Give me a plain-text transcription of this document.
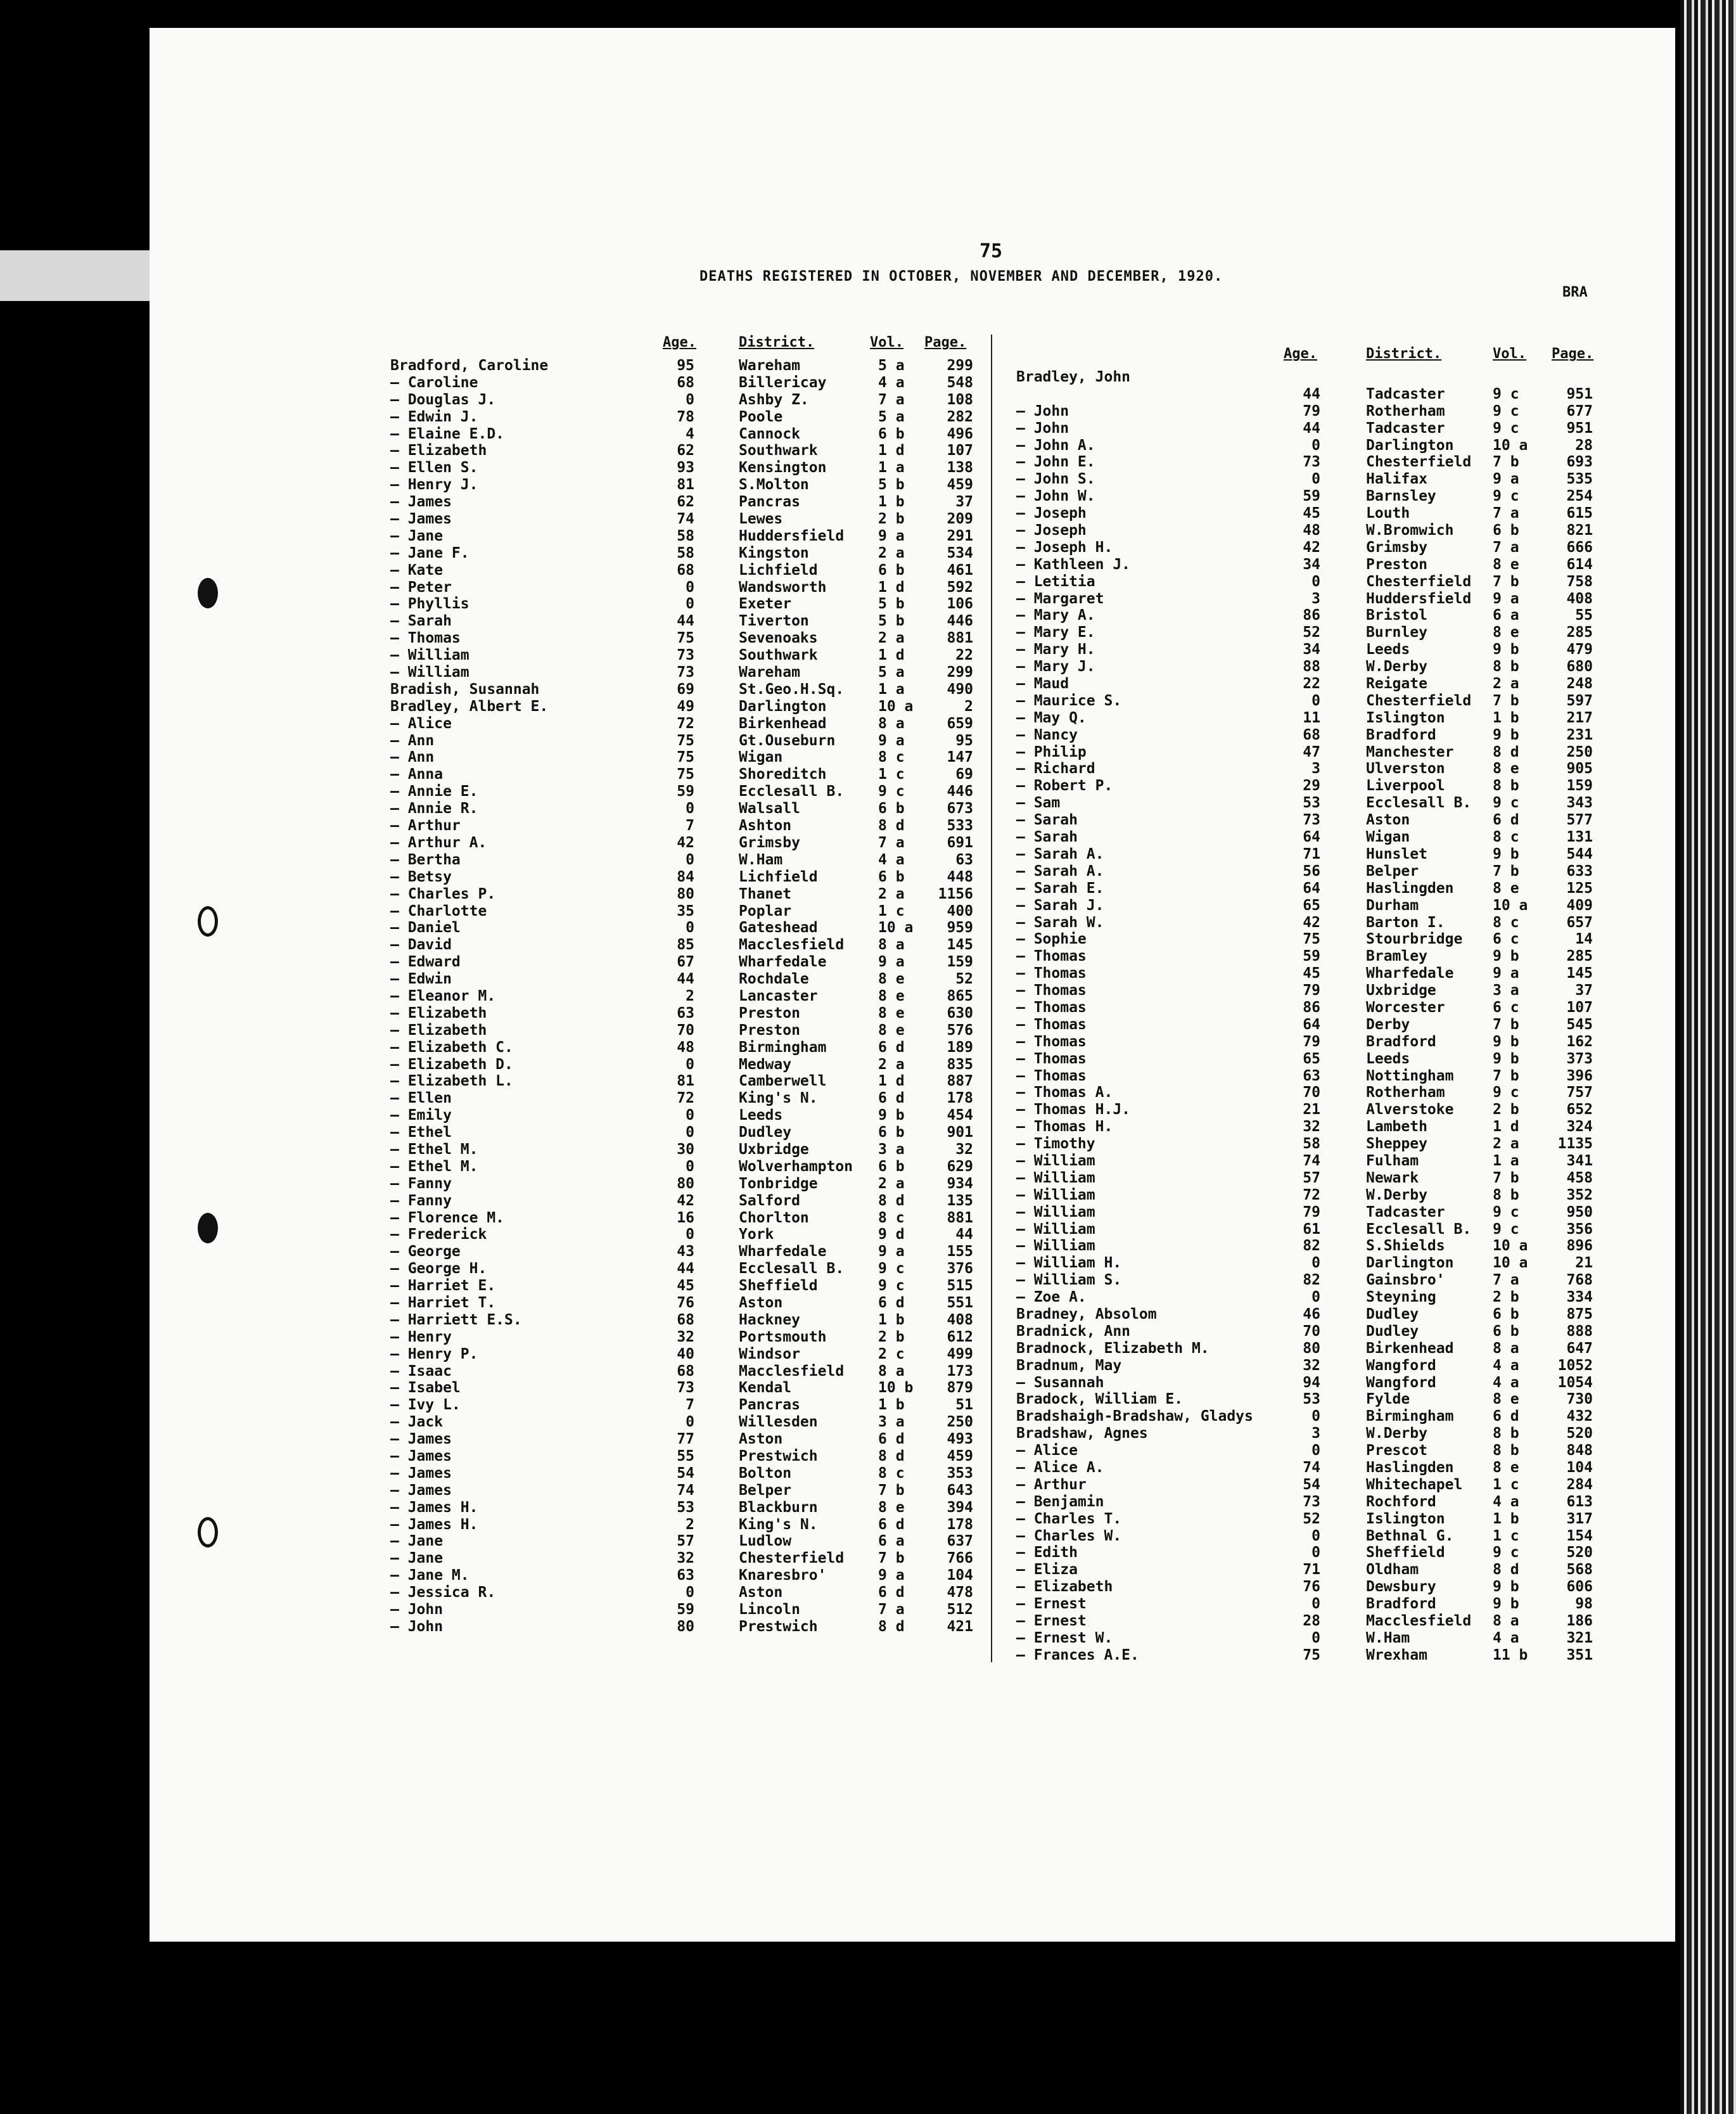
75
DEATHS REGISTERED IN OCTOBER, NOVEMBER AND DECEMBER, 1920.
BRA
Age.	District.	Vol. Page.
Bradford, Caroline	95	Wareham	5 a	299
— Caroline	68	Billericay	4 a	548
— Douglas J.	0	Ashby Z.	7 a	108
— Edwin J.	78	Poole	5 a	282
— Elaine E.D.	4	Cannock	6 b	496
— Elizabeth	62	Southwark	1 d	107
— Ellen S.	93	Kensington	1 a	138
— Henry J.	81	S.Molton	5 b	459
— James	62	Pancras	1 b	37
— James	74	Lewes	2 b	209
— Jane	58	Huddersfield 9 a	291
— Jane F.	58	Kingston	2 a	534
— Kate	68	Lichfield	6 b	461
— Peter	0	Wandsworth	1 d	592
— Phyllis	0	Exeter	5 b	106
— Sarah	44	Tiverton	5 b	446
— Thomas	75	Sevenoaks	2 a	881
— William	73	Southwark	1 d	22
— William	73	Wareham	5 a	299
Bradish, Susannah	69	St.Geo.H.Sq. 1 a	490
Bradley, Albert E.	49	Darlington	10 a	2
— Alice	72	Birkenhead	8 a	659
— Ann	75	Gt.Ouseburn	9 a	95
— Ann	75	Wigan	8 c	147
— Anna	75	Shoreditch	1 c	69
— Annie E.	59	Ecclesall B. 9 c	446
— Annie R.	0	Walsall	6 b	673
— Arthur	7	Ashton	8 d	533
— Arthur A.	42	Grimsby	7 a	691
— Bertha	0	W.Ham	4 a	63
— Betsy	84	Lichfield	6 b	448
— Charles P.	80	Thanet	2 a	1156
— Charlotte	35	Poplar	1 c	400
— Daniel	0	Gateshead	10 a	959
— David	85	Macclesfield 8 a	145
— Edward	67	Wharfedale	9 a	159
— Edwin	44	Rochdale	8 e	52
— Eleanor M.	2	Lancaster	8 e	865
— Elizabeth	63	Preston	8 e	630
— Elizabeth	70	Preston	8 e	576
— Elizabeth C.	48	Birmingham	6 d	189
— Elizabeth D.	0	Medway	2 a	835
— Elizabeth L.	81	Camberwell	1 d	887
— Ellen	72	King's N.	6 d	178
— Emily	0	Leeds	9 b	454
— Ethel	0	Dudley	6 b	901
— Ethel M.	30	Uxbridge	3 a	32
— Ethel M.	0	Wolverhampton 6 b	629
— Fanny	80	Tonbridge	2 a	934
— Fanny	42	Salford	8 d	135
— Florence M.	16	Chorlton	8 c	881
— Frederick	0	York	9 d	44
— George	43	Wharfedale	9 a	155
— George H.	44	Ecclesall B. 9 c	376
— Harriet E.	45	Sheffield	9 c	515
— Harriet T.	76	Aston	6 d	551
— Harriett E.S.	68	Hackney	1 b	408
— Henry	32	Portsmouth	2 b	612
— Henry P.	40	Windsor	2 c	499
— Isaac	68	Macclesfield 8 a	173
— Isabel	73	Kendal	10 b	879
— Ivy L.	7	Pancras	1 b	51
— Jack	0	Willesden	3 a	250
— James	77	Aston	6 d	493
— James	55	Prestwich	8 d	459
— James	54	Bolton	8 c	353
— James	74	Belper	7 b	643
— James H.	53	Blackburn	8 e	394
— James H.	2	King's N.	6 d	178
— Jane	57	Ludlow	6 a	637
— Jane	32	Chesterfield 7 b	766
— Jane M.	63	Knaresbro'	9 a	104
— Jessica R.	0	Aston	6 d	478
— John	59	Lincoln	7 a	512
— John	80	Prestwich	8 d	421
Age.	District.	Vol. Page.
Bradley, John
44	Tadcaster	9 c	951
— John	79	Rotherham	9 c	677
— John	44	Tadcaster	9 c	951
— John A.	0	Darlington	10 a	28
— John E.	73	Chesterfield 7 b	693
— John S.	0	Halifax	9 a	535
— John W.	59	Barnsley	9 c	254
— Joseph	45	Louth	7 a	615
— Joseph	48	W.Bromwich	6 b	821
— Joseph H.	42	Grimsby	7 a	666
— Kathleen J.	34	Preston	8 e	614
— Letitia	0	Chesterfield 7 b	758
— Margaret	3	Huddersfield 9 a	408
— Mary A.	86	Bristol	6 a	55
— Mary E.	52	Burnley	8 e	285
— Mary H.	34	Leeds	9 b	479
— Mary J.	88	W.Derby	8 b	680
— Maud	22	Reigate	2 a	248
— Maurice S.	0	Chesterfield 7 b	597
— May Q.	11	Islington	1 b	217
— Nancy	68	Bradford	9 b	231
— Philip	47	Manchester	8 d	250
— Richard	3	Ulverston	8 e	905
— Robert P.	29	Liverpool	8 b	159
— Sam	53	Ecclesall B. 9 c	343
— Sarah	73	Aston	6 d	577
— Sarah	64	Wigan	8 c	131
— Sarah A.	71	Hunslet	9 b	544
— Sarah A.	56	Belper	7 b	633
— Sarah E.	64	Haslingden	8 e	125
— Sarah J.	65	Durham	10 a	409
— Sarah W.	42	Barton I.	8 c	657
— Sophie	75	Stourbridge 6 c	14
— Thomas	59	Bramley	9 b	285
— Thomas	45	Wharfedale	9 a	145
— Thomas	79	Uxbridge	3 a	37
— Thomas	86	Worcester	6 c	107
— Thomas	64	Derby	7 b	545
— Thomas	79	Bradford	9 b	162
— Thomas	65	Leeds	9 b	373
— Thomas	63	Nottingham	7 b	396
— Thomas A.	70	Rotherham	9 c	757
— Thomas H.J.	21	Alverstoke	2 b	652
— Thomas H.	32	Lambeth	1 d	324
— Timothy	58	Sheppey	2 a	1135
— William	74	Fulham	1 a	341
— William	57	Newark	7 b	458
— William	72	W.Derby	8 b	352
— William	79	Tadcaster	9 c	950
— William	61	Ecclesall B. 9 c	356
— William	82	S.Shields	10 a	896
— William H.	0	Darlington	10 a	21
— William S.	82	Gainsbro'	7 a	768
— Zoe A.	0	Steyning	2 b	334
Bradney, Absolom	46	Dudley	6 b	875
Bradnick, Ann	70	Dudley	6 b	888
Bradnock, Elizabeth M.	80	Birkenhead	8 a	647
Bradnum, May	32	Wangford	4 a	1052
— Susannah	94	Wangford	4 a	1054
Bradock, William E.	53	Fylde	8 e	730
Bradshaigh-Bradshaw, Gladys	0	Birmingham	6 d	432
Bradshaw, Agnes	3	W.Derby	8 b	520
— Alice	0	Prescot	8 b	848
— Alice A.	74	Haslingden	8 e	104
— Arthur	54	Whitechapel 1 c	284
— Benjamin	73	Rochford	4 a	613
— Charles T.	52	Islington	1 b	317
— Charles W.	0	Bethnal G.	1 c	154
— Edith	0	Sheffield	9 c	520
— Eliza	71	Oldham	8 d	568
— Elizabeth	76	Dewsbury	9 b	606
— Ernest	0	Bradford	9 b	98
— Ernest	28	Macclesfield 8 a	186
— Ernest W.	0	W.Ham	4 a	321
— Frances A.E.	75	Wrexham	11 b	351
